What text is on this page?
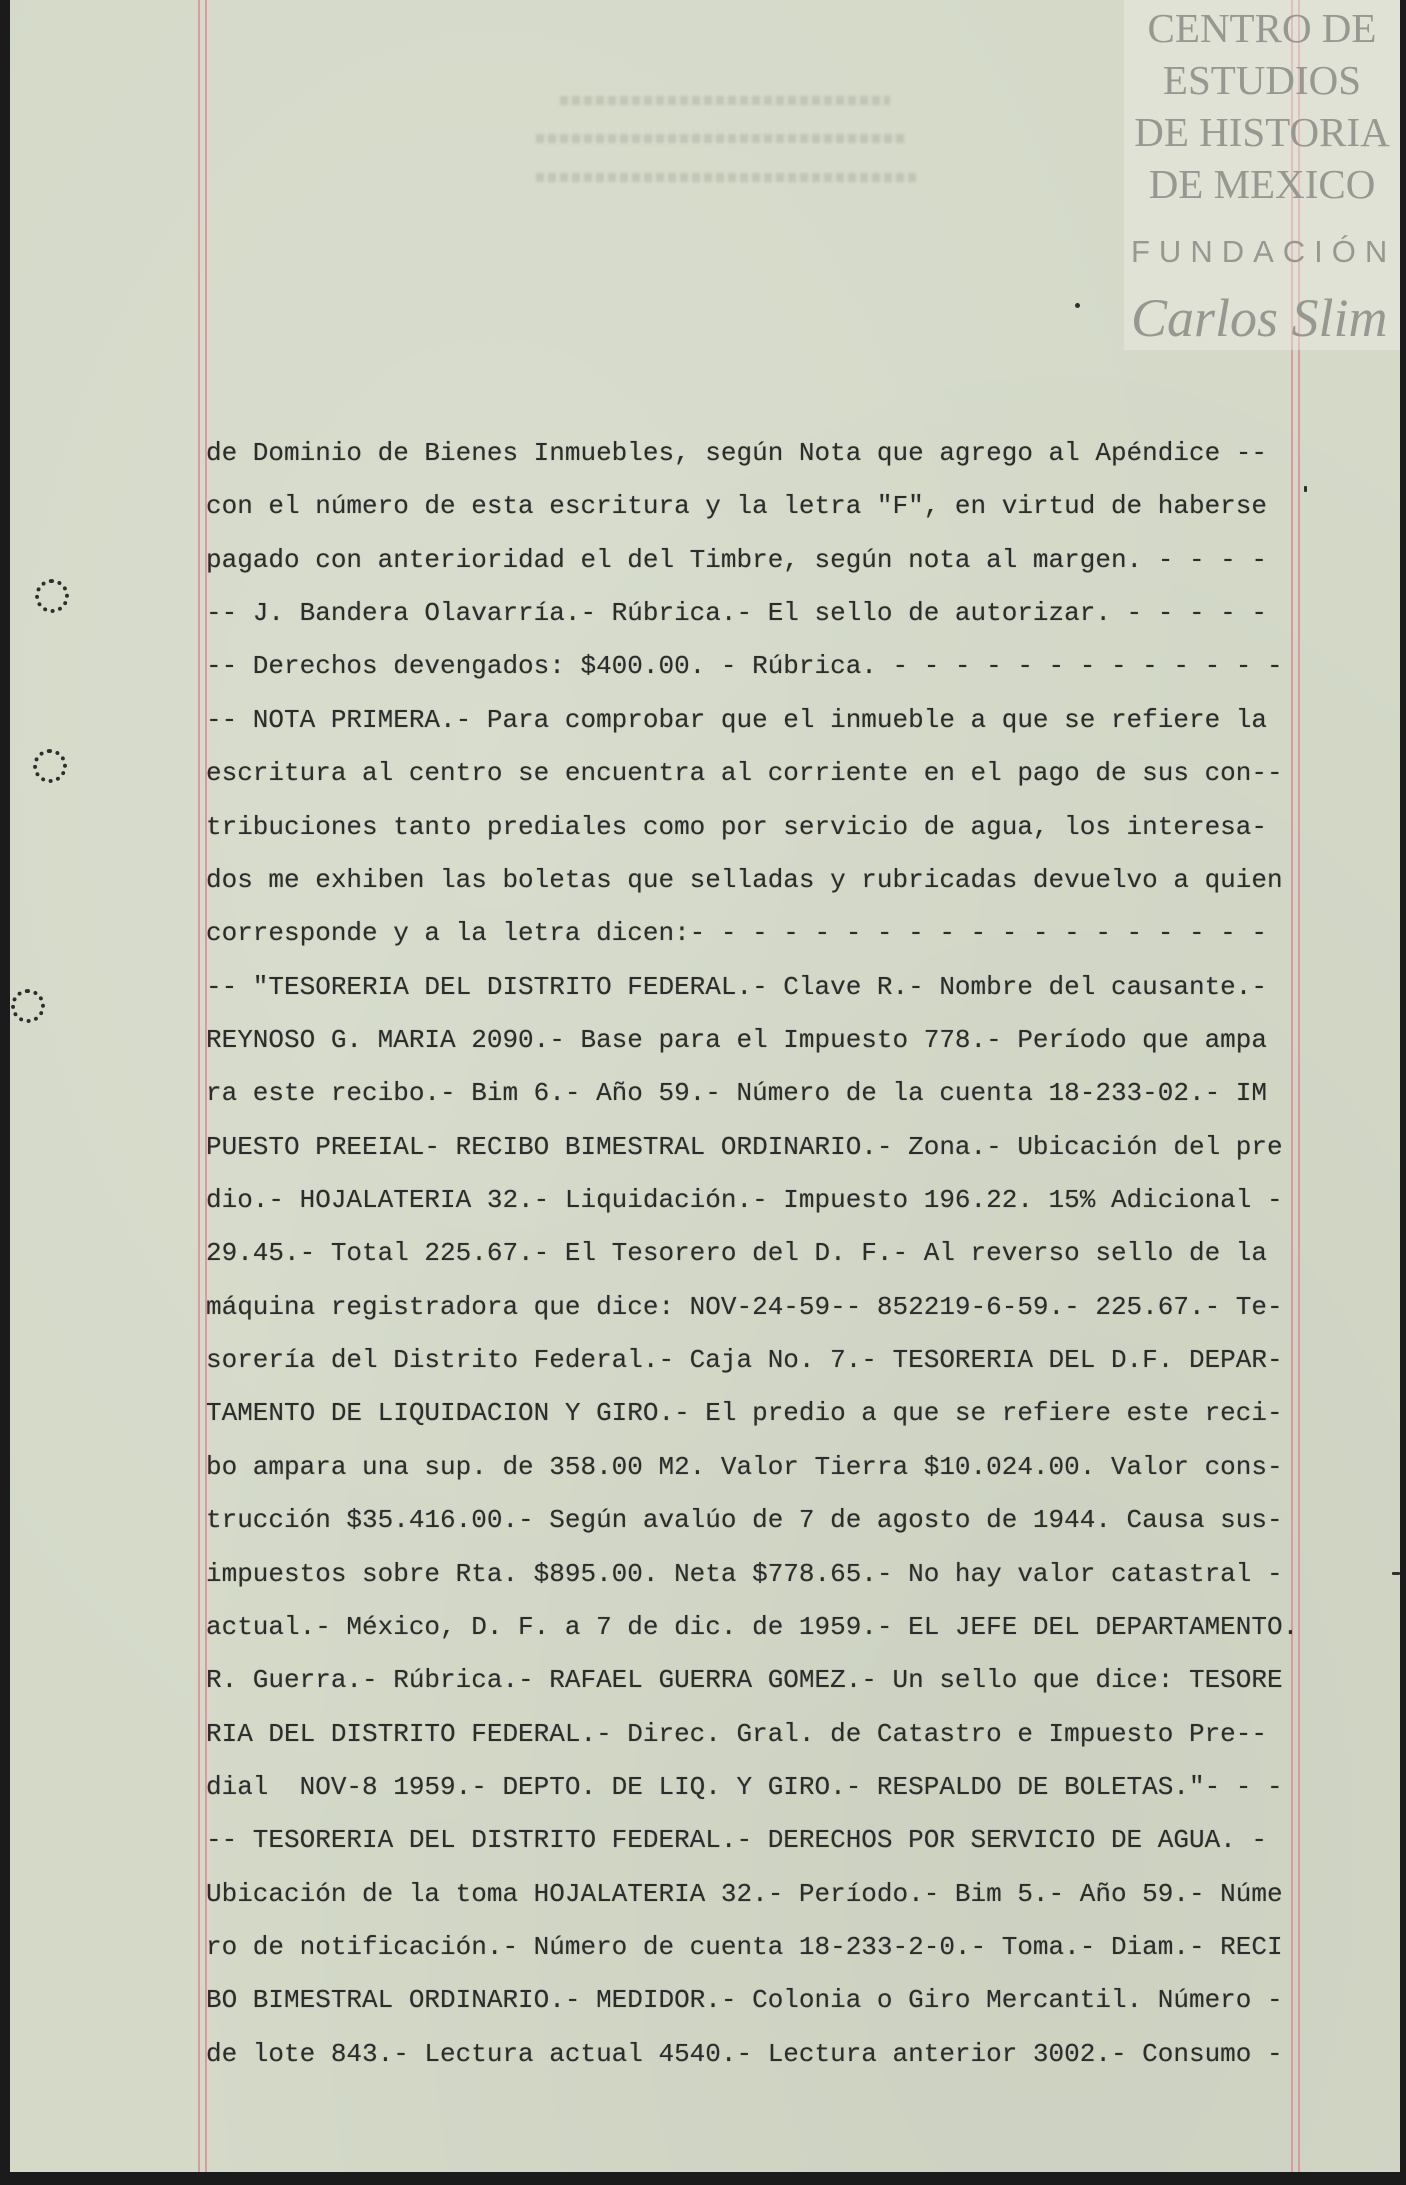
CENTRO DE
ESTUDIOS
DE HISTORIA
DE MEXICO
FUNDACIÓN
Carlos Slim
de Dominio de Bienes Inmuebles, según Nota que agrego al Apéndice --
con el número de esta escritura y la letra "F", en virtud de haberse
pagado con anterioridad el del Timbre, según nota al margen. - - - -
-- J. Bandera Olavarría.- Rúbrica.- El sello de autorizar. - - - - -
-- Derechos devengados: $400.00. - Rúbrica. - - - - - - - - - - - - -
-- NOTA PRIMERA.- Para comprobar que el inmueble a que se refiere la
escritura al centro se encuentra al corriente en el pago de sus con--
tribuciones tanto prediales como por servicio de agua, los interesa-
dos me exhiben las boletas que selladas y rubricadas devuelvo a quien
corresponde y a la letra dicen:- - - - - - - - - - - - - - - - - - -
-- "TESORERIA DEL DISTRITO FEDERAL.- Clave R.- Nombre del causante.-
REYNOSO G. MARIA 2090.- Base para el Impuesto 778.- Período que ampa
ra este recibo.- Bim 6.- Año 59.- Número de la cuenta 18-233-02.- IM
PUESTO PREEIAL- RECIBO BIMESTRAL ORDINARIO.- Zona.- Ubicación del pre
dio.- HOJALATERIA 32.- Liquidación.- Impuesto 196.22. 15% Adicional -
29.45.- Total 225.67.- El Tesorero del D. F.- Al reverso sello de la
máquina registradora que dice: NOV-24-59-- 852219-6-59.- 225.67.- Te-
sorería del Distrito Federal.- Caja No. 7.- TESORERIA DEL D.F. DEPAR-
TAMENTO DE LIQUIDACION Y GIRO.- El predio a que se refiere este reci-
bo ampara una sup. de 358.00 M2. Valor Tierra $10.024.00. Valor cons-
trucción $35.416.00.- Según avalúo de 7 de agosto de 1944. Causa sus-
impuestos sobre Rta. $895.00. Neta $778.65.- No hay valor catastral -
actual.- México, D. F. a 7 de dic. de 1959.- EL JEFE DEL DEPARTAMENTO.
R. Guerra.- Rúbrica.- RAFAEL GUERRA GOMEZ.- Un sello que dice: TESORE
RIA DEL DISTRITO FEDERAL.- Direc. Gral. de Catastro e Impuesto Pre--
dial  NOV-8 1959.- DEPTO. DE LIQ. Y GIRO.- RESPALDO DE BOLETAS."- - -
-- TESORERIA DEL DISTRITO FEDERAL.- DERECHOS POR SERVICIO DE AGUA. -
Ubicación de la toma HOJALATERIA 32.- Período.- Bim 5.- Año 59.- Núme
ro de notificación.- Número de cuenta 18-233-2-0.- Toma.- Diam.- RECI
BO BIMESTRAL ORDINARIO.- MEDIDOR.- Colonia o Giro Mercantil. Número -
de lote 843.- Lectura actual 4540.- Lectura anterior 3002.- Consumo -
